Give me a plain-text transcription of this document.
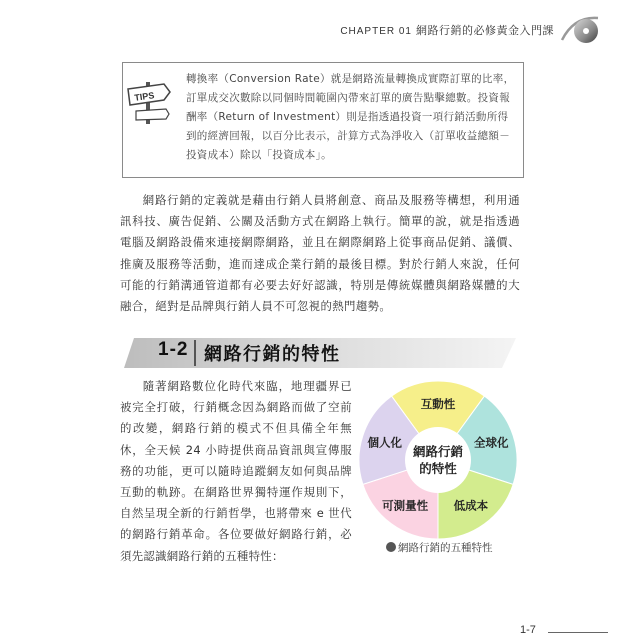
CHAPTER 01 網路行銷的必修黃金入門課
TIPS

轉換率（Conversion Rate）就是網路流量轉換成實際訂單的比率，訂單成交次數除以同個時間範圍內帶來訂單的廣告點擊總數。投資報酬率（Return of Investment）則是指透過投資一項行銷活動所得到的經濟回報，以百分比表示，計算方式為淨收入（訂單收益總額－投資成本）除以「投資成本」。

網路行銷的定義就是藉由行銷人員將創意、商品及服務等構想，利用通訊科技、廣告促銷、公關及活動方式在網路上執行。簡單的說，就是指透過電腦及網路設備來連接網際網路，並且在網際網路上從事商品促銷、議價、推廣及服務等活動，進而達成企業行銷的最後目標。對於行銷人來說，任何可能的行銷溝通管道都有必要去好好認識，特別是傳統媒體與網路媒體的大融合，絕對是品牌與行銷人員不可忽視的熱門趨勢。

1-2 網路行銷的特性

隨著網路數位化時代來臨，地理疆界已被完全打破，行銷概念因為網路而做了空前的改變，網路行銷的模式不但具備全年無休，全天候 24 小時提供商品資訊與宣傳服務的功能，更可以隨時追蹤網友如何與品牌互動的軌跡。在網路世界獨特運作規則下，自然呈現全新的行銷哲學，也將帶來 e 世代的網路行銷革命。各位要做好網路行銷，必須先認識網路行銷的五種特性：

網路行銷
的特性
互動性
全球化
低成本
可測量性
個人化
網路行銷的五種特性
1-7
